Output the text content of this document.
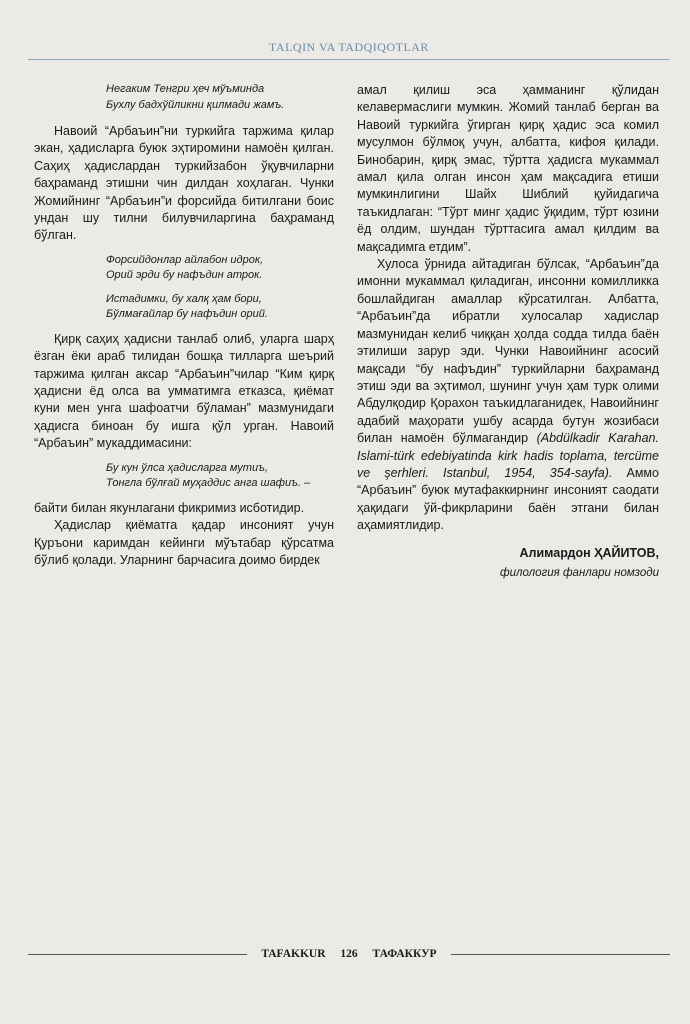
TALQIN VA TADQIQOTLAR
Негаким Тенгри ҳеч мўъминда
Бухлу бадхўйликни қилмади жамъ.

Навоий “Арбаъин”ни туркийга таржима қилар экан, ҳадисларга буюк эҳтиромини намоён қилган. Саҳиҳ ҳадислардан туркийзабон ўқувчиларни баҳраманд этишни чин дилдан хоҳлаган. Чунки Жомийнинг “Арбаъин”и форсийда битилгани боис ундан шу тилни билувчиларгина баҳраманд бўлган.

Форсийдонлар айлабон идрок,
Орий эрди бу нафъдин атрок.
Истадимки, бу халқ ҳам бори,
Бўлмағайлар бу нафъдин орий.

Қирқ саҳиҳ ҳадисни танлаб олиб, уларга шарҳ ёзган ёки араб тилидан бошқа тилларга шеърий таржима қилган аксар “Арбаъин”чилар “Ким қирқ ҳадисни ёд олса ва умматимга етказса, қиёмат куни мен унга шафоатчи бўламан” мазмунидаги ҳадисга биноан бу ишга қўл урган. Навоий “Арбаъин” мукаддимасини:

Бу кун ўлса ҳадисларга мутиъ,
Тонгла бўлғай муҳаддис анга шафиъ. –

байти билан якунлагани фикримиз исботидир.

Ҳадислар қиёматга қадар инсоният учун Қуръони каримдан кейинги мўътабар қўрсатма бўлиб қолади. Уларнинг барчасига доимо бирдек

амал қилиш эса ҳамманинг қўлидан келавермаслиги мумкин. Жомий танлаб берган ва Навоий туркийга ўгирган қирқ ҳадис эса комил мусулмон бўлмоқ учун, албатта, кифоя қилади. Бинобарин, қирқ эмас, тўртта ҳадисга мукаммал амал қила олган инсон ҳам мақсадига етиши мумкинлигини Шайх Шиблий қуйидагича таъкидлаган: “Тўрт минг ҳадис ўқидим, тўрт юзини ёд олдим, шундан тўрттасига амал қилдим ва мақсадимга етдим”.

Хулоса ўрнида айтадиган бўлсак, “Арбаъин”да имонни мукаммал қиладиган, инсонни комилликка бошлайдиган амаллар кўрсатилган. Албатта, “Арбаъин”да ибратли хулосалар хадислар мазмунидан келиб чиққан ҳолда содда тилда баён этилиши зарур эди. Чунки Навоийнинг асосий мақсади “бу нафъдин” туркийларни баҳраманд этиш эди ва эҳтимол, шунинг учун ҳам турк олими Абдулқодир Қорахон таъкидлаганидек, Навоийнинг адабий маҳорати ушбу асарда бутун жозибаси билан намоён бўлмагандир (Abdülkadir Karahan. Islami-türk edebiyatinda kirk hadis toplama, tercüme ve şerhleri. Istanbul, 1954, 354-sayfa). Аммо “Арбаъин” буюк мутафаккирнинг инсоният саодати ҳақидаги ўй-фикрларини баён этгани билан аҳамиятлидир.

Алимардон ҲАЙИТОВ,
филология фанлари номзоди
TAFAKKUR 126 ТАФАККУР
